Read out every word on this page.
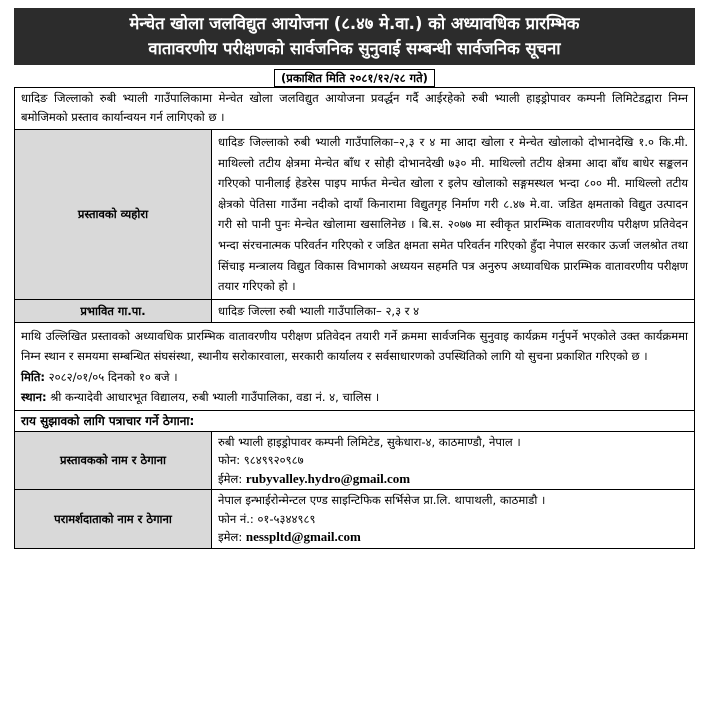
मेन्चेत खोला जलविद्युत आयोजना (८.४७ मे.वा.) को अध्यावधिक प्रारम्भिक
वातावरणीय परीक्षणको सार्वजनिक सुनुवाई सम्बन्धी सार्वजनिक सूचना
(प्रकाशित मिति २०८१/१२/२८ गते)
धादिङ जिल्लाको रुबी भ्याली गाउँपालिकामा मेन्चेत खोला जलविद्युत आयोजना प्रवर्द्धन गर्दै आईरहेको रुबी भ्याली हाइड्रोपावर कम्पनी लिमिटेडद्वारा निम्न बमोजिमको प्रस्ताव कार्यान्वयन गर्न लागिएको छ ।
प्रस्तावको व्यहोरा	धादिङ जिल्लाको रुबी भ्याली गाउँपालिका–२,३ र ४ मा आदा खोला र मेन्चेत खोलाको दोभानदेखि १.० कि.मी. माथिल्लो तटीय क्षेत्रमा मेन्चेत बाँध र सोही दोभानदेखी ७३० मी. माथिल्लो तटीय क्षेत्रमा आदा बाँध बाधेर सङ्कलन गरिएको पानीलाई हेडरेस पाइप मार्फत मेन्चेत खोला र इलेप खोलाको सङ्गमस्थल भन्दा ८०० मी. माथिल्लो तटीय क्षेत्रको पेतिसा गाउँमा नदीको दायाँ किनारामा विद्युतगृह निर्माण गरी ८.४७ मे.वा. जडित क्षमताको विद्युत उत्पादन गरी सो पानी पुनः मेन्चेत खोलामा खसालिनेछ । बि.स. २०७७ मा स्वीकृत प्रारम्भिक वातावरणीय परीक्षण प्रतिवेदन भन्दा संरचनात्मक परिवर्तन गरिएको र जडित क्षमता समेत परिवर्तन गरिएको हुँदा नेपाल सरकार ऊर्जा जलश्रोत तथा सिंचाइ मन्त्रालय विद्युत विकास विभागको अध्ययन सहमति पत्र अनुरुप अध्यावधिक प्रारम्भिक वातावरणीय परीक्षण तयार गरिएको हो ।
प्रभावित गा.पा.	धादिङ जिल्ला रुबी भ्याली गाउँपालिका– २,३ र ४
माथि उल्लिखित प्रस्तावको अध्यावधिक प्रारम्भिक वातावरणीय परीक्षण प्रतिवेदन तयारी गर्ने क्रममा सार्वजनिक सुनुवाइ कार्यक्रम गर्नुपर्ने भएकोले उक्त कार्यक्रममा निम्न स्थान र समयमा सम्बन्धित संघसंस्था, स्थानीय सरोकारवाला, सरकारी कार्यालय र सर्वसाधारणको उपस्थितिको लागि यो सुचना प्रकाशित गरिएको छ ।
मिति: २०८२/०१/०५ दिनको १० बजे ।
स्थान: श्री कन्यादेवी आधारभूत विद्यालय, रुबी भ्याली गाउँपालिका, वडा नं. ४, चालिस ।
राय सुझावको लागि पत्राचार गर्ने ठेगाना:
प्रस्तावकको नाम र ठेगाना	रुबी भ्याली हाइड्रोपावर कम्पनी लिमिटेड, सुकेधारा-४, काठमाण्डौ, नेपाल ।
फोन: ९८४९९२०९८७
ईमेल: rubyvalley.hydro@gmail.com

परामर्शदाताको नाम र ठेगाना	नेपाल इन्भाईरोन्मेन्टल एण्ड साइन्टिफिक सर्भिसेज प्रा.लि. थापाथली, काठमाडौ ।
फोन नं.: ०१-५३४४९८९
इमेल: nesspltd@gmail.com
